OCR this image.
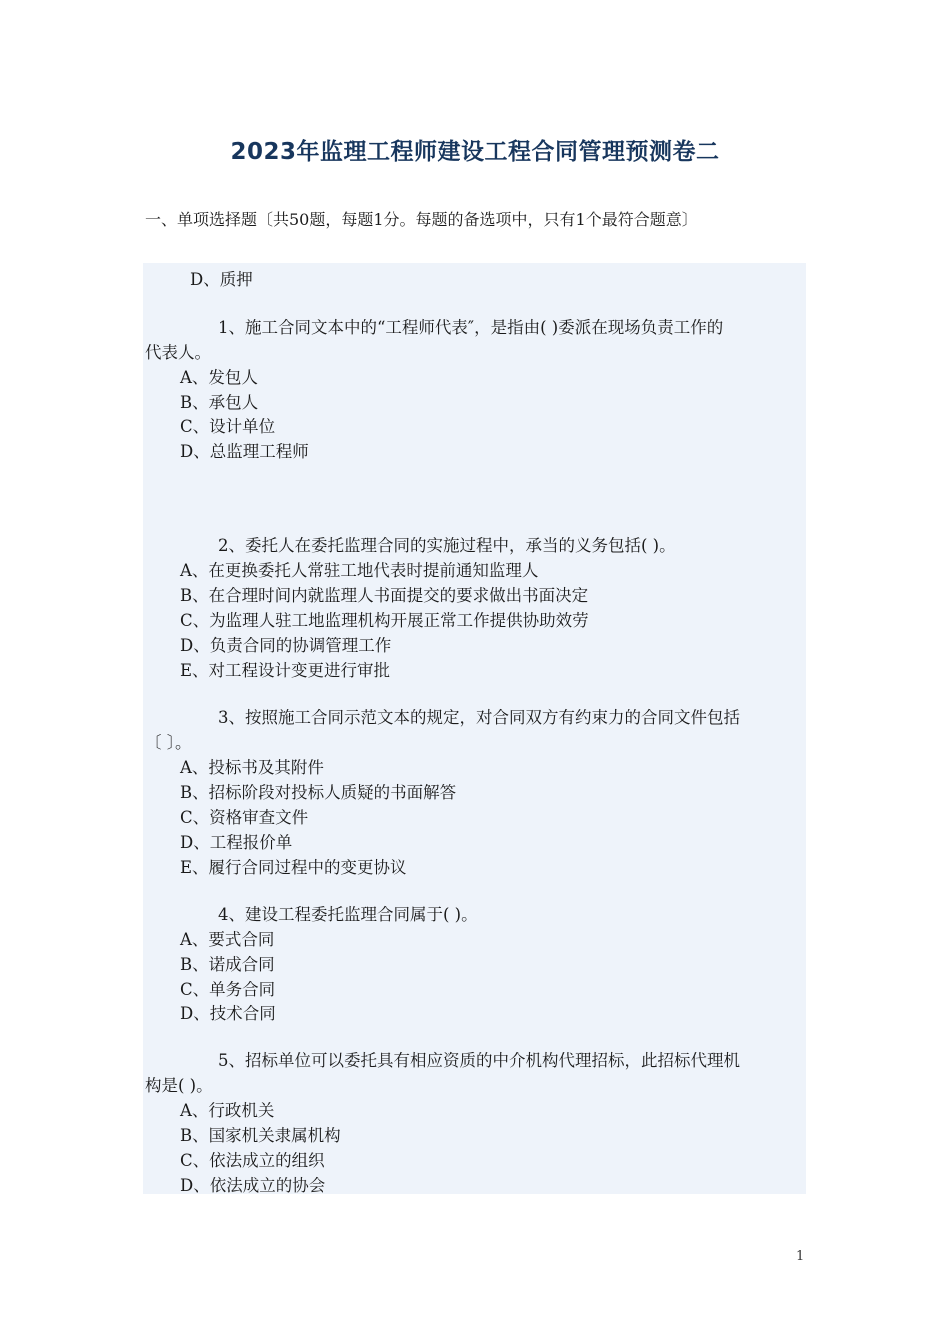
2023年监理工程师建设工程合同管理预测卷二

一、单项选择题〔共50题，每题1分。每题的备选项中，只有1个最符合题意〕

D、质押

1、施工合同文本中的“工程师代表″，是指由( )委派在现场负责工作的

代表人。

A、发包人

B、承包人

C、设计单位

D、总监理工程师

2、委托人在委托监理合同的实施过程中，承当的义务包括( )。

A、在更换委托人常驻工地代表时提前通知监理人

B、在合理时间内就监理人书面提交的要求做出书面决定

C、为监理人驻工地监理机构开展正常工作提供协助效劳

D、负责合同的协调管理工作

E、对工程设计变更进行审批

3、按照施工合同示范文本的规定，对合同双方有约束力的合同文件包括

〔 〕。

A、投标书及其附件

B、招标阶段对投标人质疑的书面解答

C、资格审查文件

D、工程报价单

E、履行合同过程中的变更协议

4、建设工程委托监理合同属于( )。

A、要式合同

B、诺成合同

C、单务合同

D、技术合同

5、招标单位可以委托具有相应资质的中介机构代理招标，此招标代理机

构是( )。

A、行政机关

B、国家机关隶属机构

C、依法成立的组织

D、依法成立的协会

1
